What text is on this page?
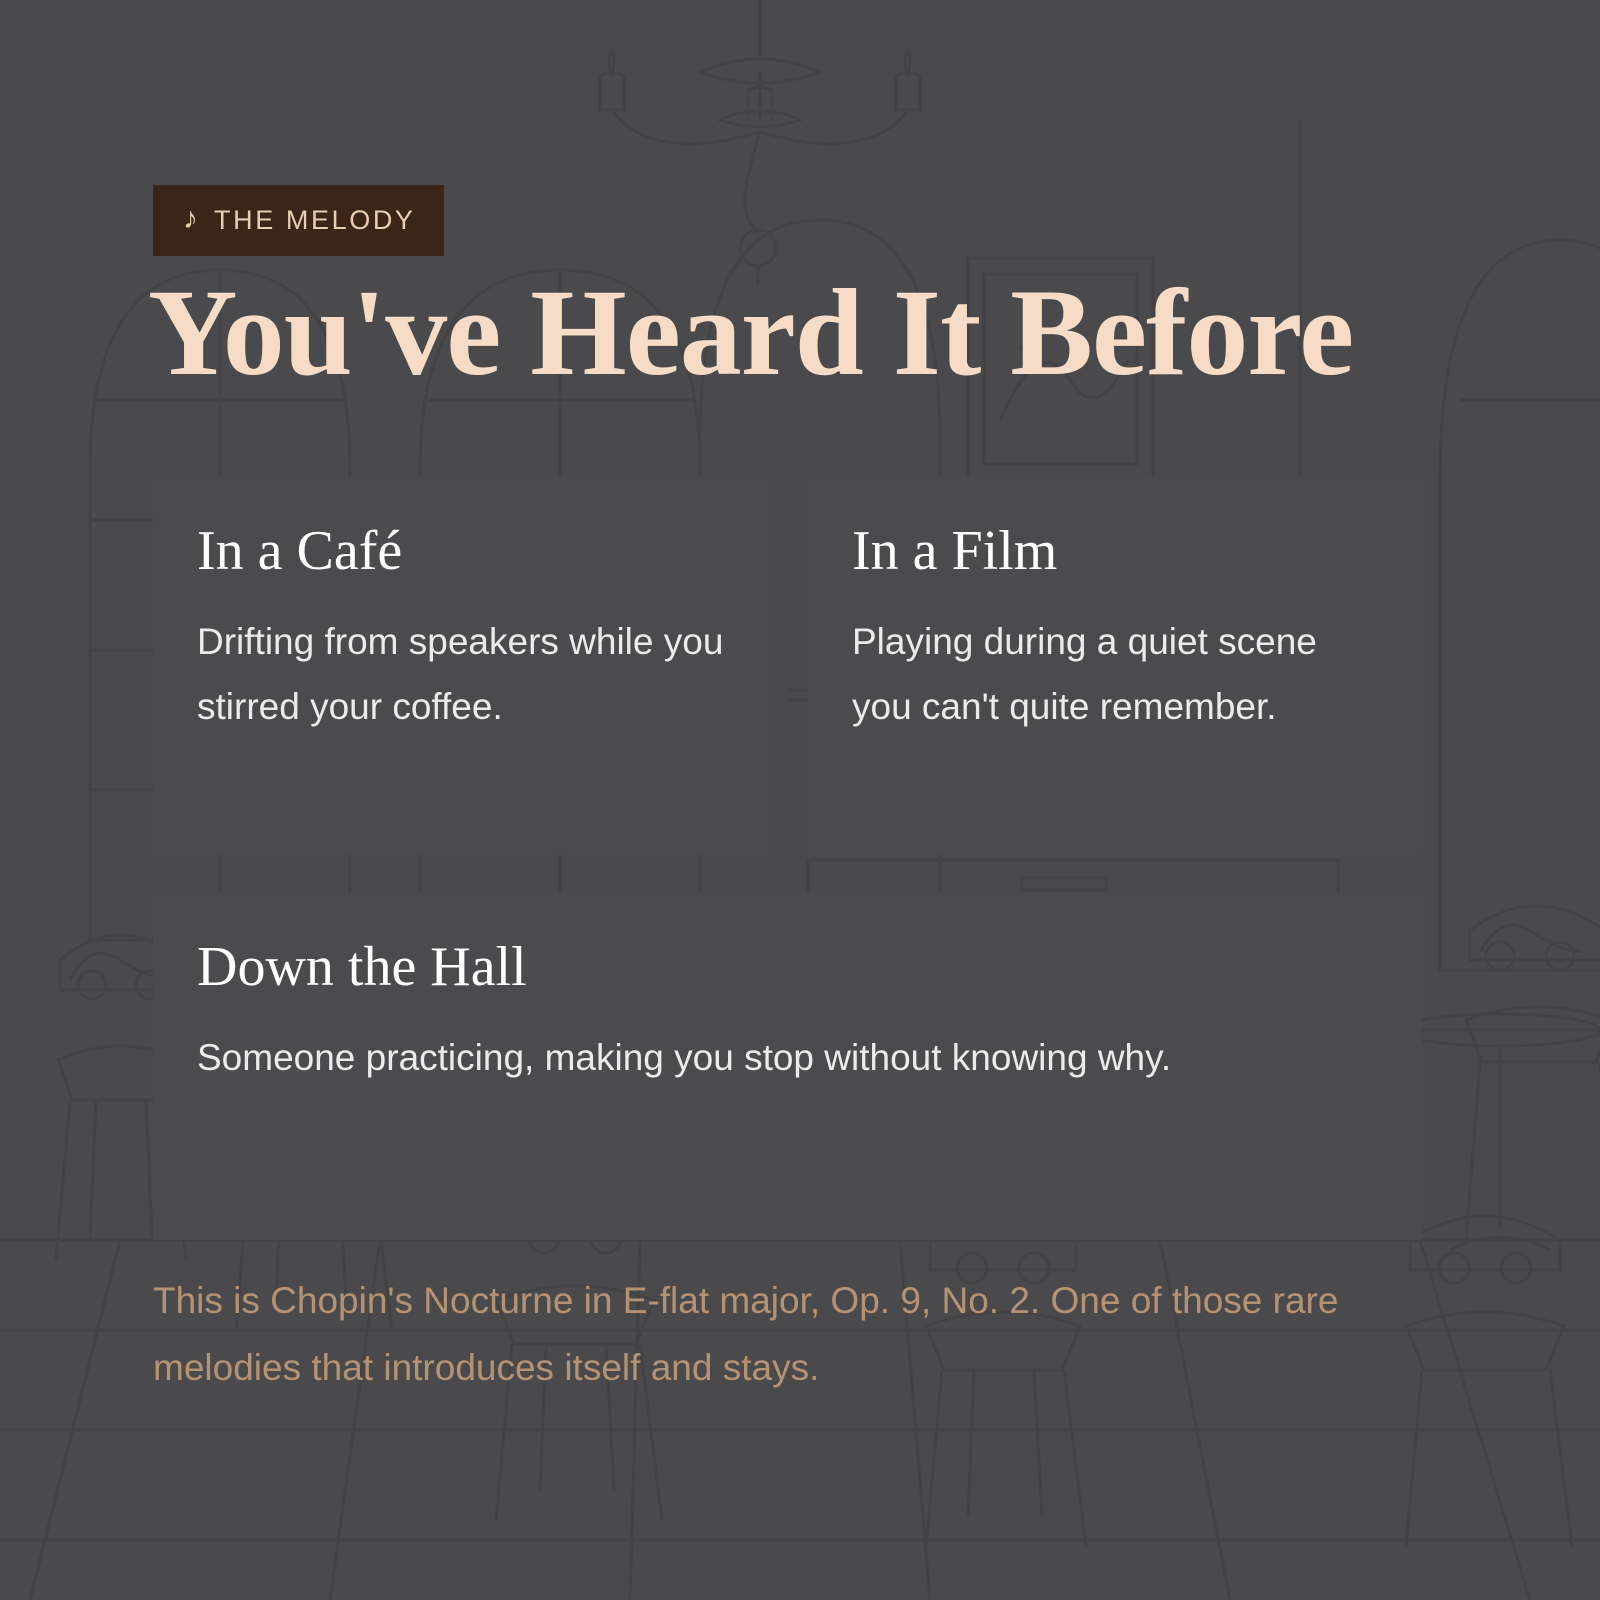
♪ THE MELODY
You've Heard It Before
In a Café
Drifting from speakers while you stirred your coffee.
In a Film
Playing during a quiet scene you can't quite remember.
Down the Hall
Someone practicing, making you stop without knowing why.

This is Chopin's Nocturne in E-flat major, Op. 9, No. 2. One of those rare melodies that introduces itself and stays.
